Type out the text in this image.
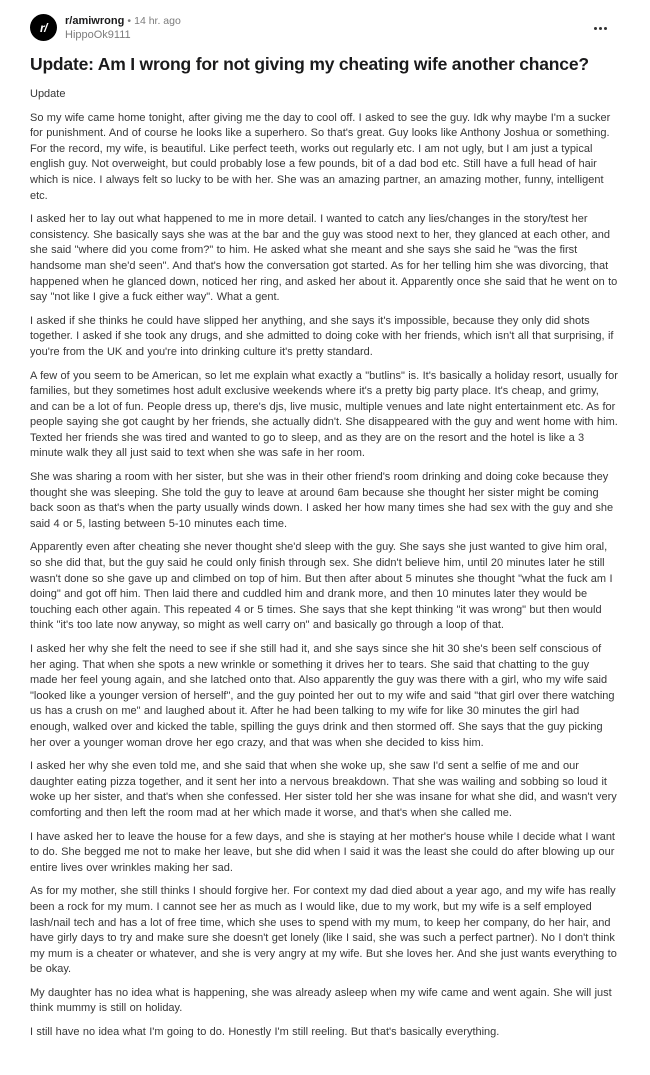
r/ r/amiwrong • 14 hr. ago
HippoOk9111
Update: Am I wrong for not giving my cheating wife another chance?

Update

So my wife came home tonight, after giving me the day to cool off. I asked to see the guy. Idk why maybe I'm a sucker for punishment. And of course he looks like a superhero. So that's great. Guy looks like Anthony Joshua or something. For the record, my wife, is beautiful. Like perfect teeth, works out regularly etc. I am not ugly, but I am just a typical english guy. Not overweight, but could probably lose a few pounds, bit of a dad bod etc. Still have a full head of hair which is nice. I always felt so lucky to be with her. She was an amazing partner, an amazing mother, funny, intelligent etc.

I asked her to lay out what happened to me in more detail. I wanted to catch any lies/changes in the story/test her consistency. She basically says she was at the bar and the guy was stood next to her, they glanced at each other, and she said "where did you come from?" to him. He asked what she meant and she says she said he "was the first handsome man she'd seen". And that's how the conversation got started. As for her telling him she was divorcing, that happened when he glanced down, noticed her ring, and asked her about it. Apparently once she said that he went on to say "not like I give a fuck either way". What a gent.

I asked if she thinks he could have slipped her anything, and she says it's impossible, because they only did shots together. I asked if she took any drugs, and she admitted to doing coke with her friends, which isn't all that surprising, if you're from the UK and you're into drinking culture it's pretty standard.

A few of you seem to be American, so let me explain what exactly a "butlins" is. It's basically a holiday resort, usually for families, but they sometimes host adult exclusive weekends where it's a pretty big party place. It's cheap, and grimy, and can be a lot of fun. People dress up, there's djs, live music, multiple venues and late night entertainment etc. As for people saying she got caught by her friends, she actually didn't. She disappeared with the guy and went home with him. Texted her friends she was tired and wanted to go to sleep, and as they are on the resort and the hotel is like a 3 minute walk they all just said to text when she was safe in her room.

She was sharing a room with her sister, but she was in their other friend's room drinking and doing coke because they thought she was sleeping. She told the guy to leave at around 6am because she thought her sister might be coming back soon as that's when the party usually winds down. I asked her how many times she had sex with the guy and she said 4 or 5, lasting between 5-10 minutes each time.

Apparently even after cheating she never thought she'd sleep with the guy. She says she just wanted to give him oral, so she did that, but the guy said he could only finish through sex. She didn't believe him, until 20 minutes later he still wasn't done so she gave up and climbed on top of him. But then after about 5 minutes she thought "what the fuck am I doing" and got off him. Then laid there and cuddled him and drank more, and then 10 minutes later they would be touching each other again. This repeated 4 or 5 times. She says that she kept thinking "it was wrong" but then would think "it's too late now anyway, so might as well carry on" and basically go through a loop of that.

I asked her why she felt the need to see if she still had it, and she says since she hit 30 she's been self conscious of her aging. That when she spots a new wrinkle or something it drives her to tears. She said that chatting to the guy made her feel young again, and she latched onto that. Also apparently the guy was there with a girl, who my wife said "looked like a younger version of herself", and the guy pointed her out to my wife and said "that girl over there watching us has a crush on me" and laughed about it. After he had been talking to my wife for like 30 minutes the girl had enough, walked over and kicked the table, spilling the guys drink and then stormed off. She says that the guy picking her over a younger woman drove her ego crazy, and that was when she decided to kiss him.

I asked her why she even told me, and she said that when she woke up, she saw I'd sent a selfie of me and our daughter eating pizza together, and it sent her into a nervous breakdown. That she was wailing and sobbing so loud it woke up her sister, and that's when she confessed. Her sister told her she was insane for what she did, and wasn't very comforting and then left the room mad at her which made it worse, and that's when she called me.

I have asked her to leave the house for a few days, and she is staying at her mother's house while I decide what I want to do. She begged me not to make her leave, but she did when I said it was the least she could do after blowing up our entire lives over wrinkles making her sad.

As for my mother, she still thinks I should forgive her. For context my dad died about a year ago, and my wife has really been a rock for my mum. I cannot see her as much as I would like, due to my work, but my wife is a self employed lash/nail tech and has a lot of free time, which she uses to spend with my mum, to keep her company, do her hair, and have girly days to try and make sure she doesn't get lonely (like I said, she was such a perfect partner). No I don't think my mum is a cheater or whatever, and she is very angry at my wife. But she loves her. And she just wants everything to be okay.

My daughter has no idea what is happening, she was already asleep when my wife came and went again. She will just think mummy is still on holiday.

I still have no idea what I'm going to do. Honestly I'm still reeling. But that's basically everything.
